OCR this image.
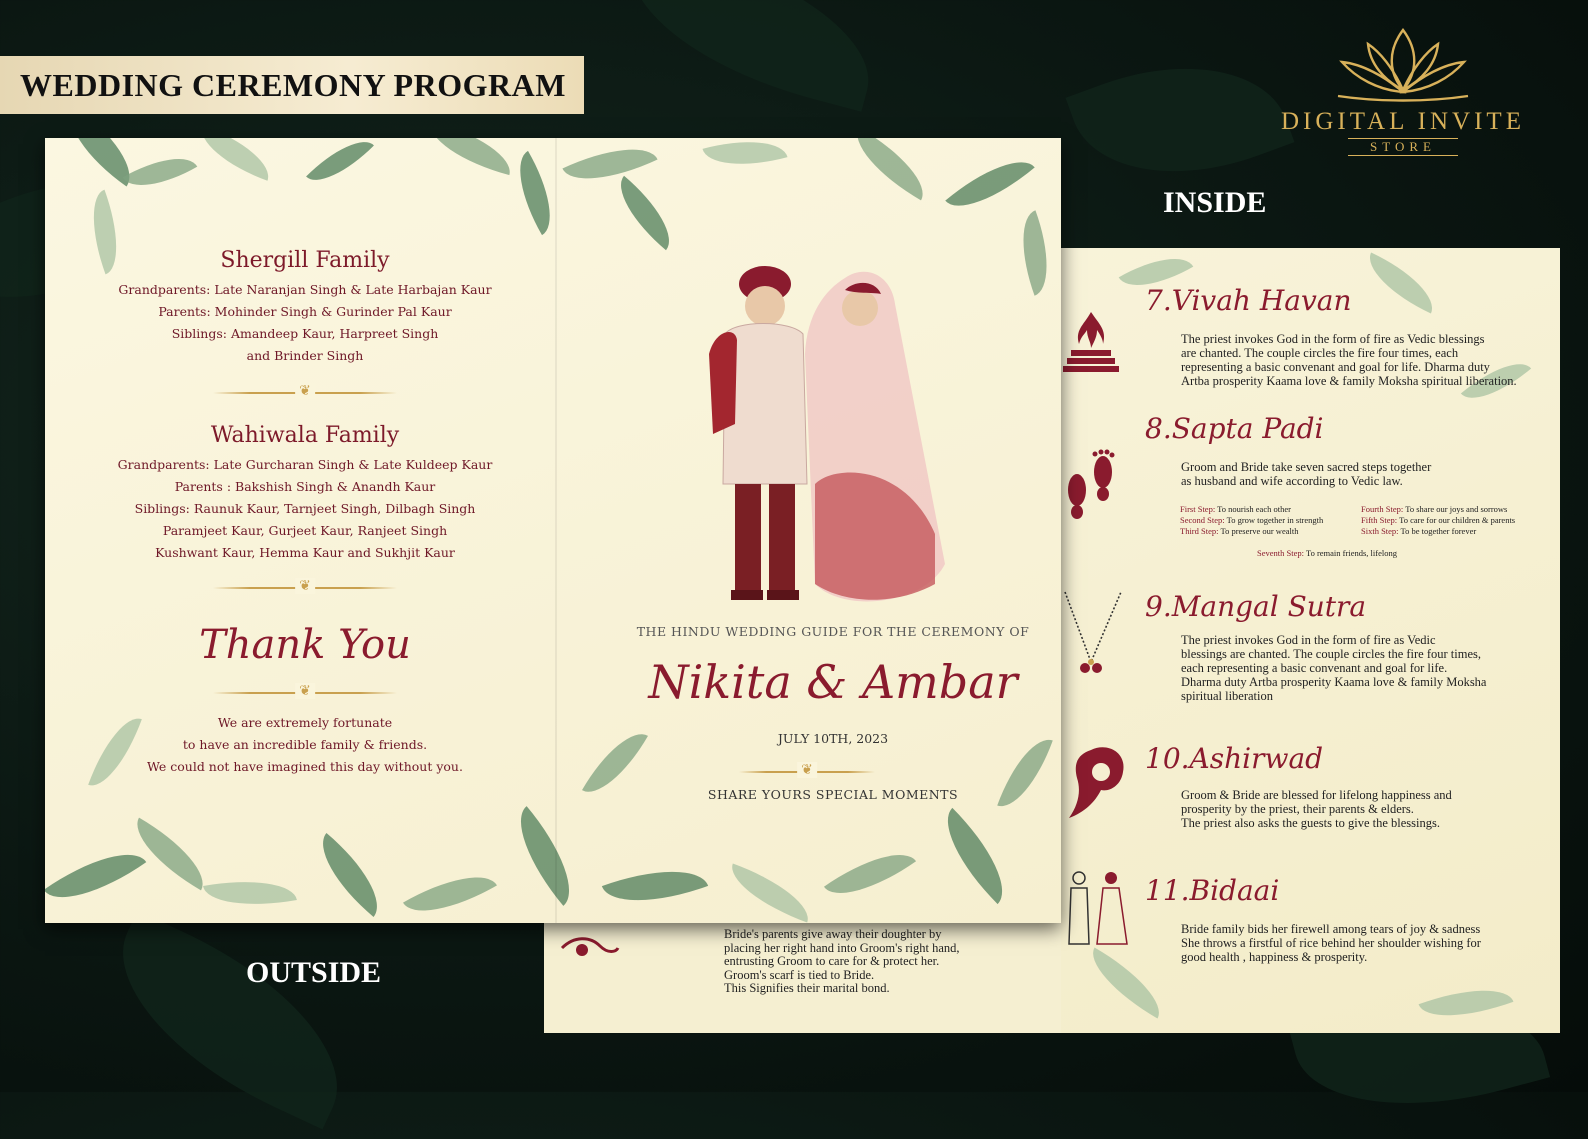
WEDDING CEREMONY PROGRAM
DIGITAL INVITE
STORE
INSIDE
OUTSIDE
Bride's parents give away their doughter by
placing her right hand into Groom's right hand,
entrusting Groom to care for & protect her.
Groom's scarf is tied to Bride.
This Signifies their marital bond.
7.Vivah Havan
The priest invokes God in the form of fire as Vedic blessings
are chanted. The couple circles the fire four times, each
representing a basic convenant and goal for life. Dharma duty
Artba prosperity Kaama love & family Moksha spiritual liberation.
8.Sapta Padi
Groom and Bride take seven sacred steps together
as husband and wife according to Vedic law.
First Step: To nourish each other
Second Step: To grow together in strength
Third Step: To preserve our wealth
Fourth Step: To share our joys and sorrows
Fifth Step: To care for our children & parents
Sixth Step: To be together forever
Seventh Step: To remain friends, lifelong
9.Mangal Sutra
The priest invokes God in the form of fire as Vedic
blessings are chanted. The couple circles the fire four times,
each representing a basic convenant and goal for life.
Dharma duty Artba prosperity Kaama love & family Moksha
spiritual liberation
10.Ashirwad
Groom & Bride are blessed for lifelong happiness and
prosperity by the priest, their parents & elders.
The priest also asks the guests to give the blessings.
11.Bidaai
Bride family bids her firewell among tears of joy & sadness
She throws a firstful of rice behind her shoulder wishing for
good health , happiness & prosperity.
Shergill Family
Grandparents: Late Naranjan Singh & Late Harbajan Kaur
Parents: Mohinder Singh & Gurinder Pal Kaur
Siblings: Amandeep Kaur, Harpreet Singh
and Brinder Singh
❦
Wahiwala Family
Grandparents: Late Gurcharan Singh & Late Kuldeep Kaur
Parents : Bakshish Singh & Anandh Kaur
Siblings: Raunuk Kaur, Tarnjeet Singh, Dilbagh Singh
Paramjeet Kaur, Gurjeet Kaur, Ranjeet Singh
Kushwant Kaur, Hemma Kaur and Sukhjit Kaur
❦
Thank You
❦
We are extremely fortunate
to have an incredible family & friends.
We could not have imagined this day without you.
THE HINDU WEDDING GUIDE FOR THE CEREMONY OF
Nikita & Ambar
JULY 10TH, 2023
❦
SHARE YOURS SPECIAL MOMENTS
